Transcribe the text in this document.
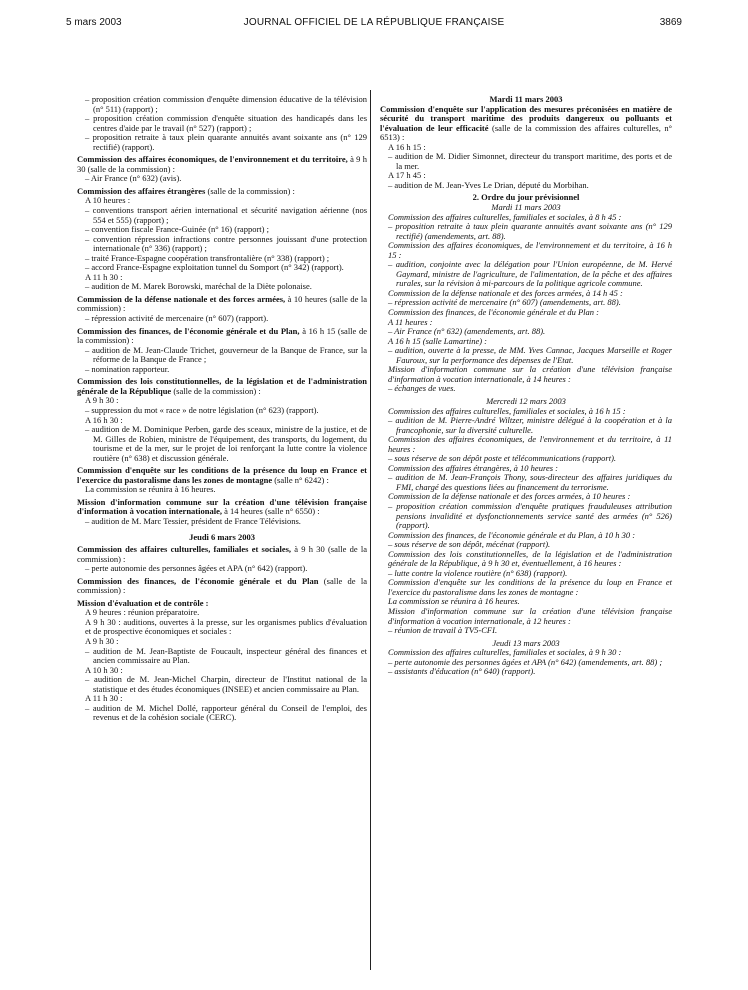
5 mars 2003	JOURNAL OFFICIEL DE LA RÉPUBLIQUE FRANÇAISE	3869

– proposition création commission d'enquête dimension éducative de la télévision (n° 511) (rapport) ;

– proposition création commission d'enquête situation des handicapés dans les centres d'aide par le travail (n° 527) (rapport) ;

– proposition retraite à taux plein quarante annuités avant soixante ans (n° 129 rectifié) (rapport).

Commission des affaires économiques, de l'environnement et du territoire, à 9 h 30 (salle de la commission) :

– Air France (n° 632) (avis).

Commission des affaires étrangères (salle de la commission) :

A 10 heures :

– conventions transport aérien international et sécurité navigation aérienne (nos 554 et 555) (rapport) ;

– convention fiscale France-Guinée (n° 16) (rapport) ;

– convention répression infractions contre personnes jouissant d'une protection internationale (n° 336) (rapport) ;

– traité France-Espagne coopération transfrontalière (n° 338) (rapport) ;

– accord France-Espagne exploitation tunnel du Somport (n° 342) (rapport).

A 11 h 30 :

– audition de M. Marek Borowski, maréchal de la Diète polonaise.

Commission de la défense nationale et des forces armées, à 10 heures (salle de la commission) :

– répression activité de mercenaire (n° 607) (rapport).

Commission des finances, de l'économie générale et du Plan, à 16 h 15 (salle de la commission) :

– audition de M. Jean-Claude Trichet, gouverneur de la Banque de France, sur la réforme de la Banque de France ;

– nomination rapporteur.

Commission des lois constitutionnelles, de la législation et de l'administration générale de la République (salle de la commission) :

A 9 h 30 :

– suppression du mot « race » de notre législation (n° 623) (rapport).

A 16 h 30 :

– audition de M. Dominique Perben, garde des sceaux, ministre de la justice, et de M. Gilles de Robien, ministre de l'équipement, des transports, du logement, du tourisme et de la mer, sur le projet de loi renforçant la lutte contre la violence routière (n° 638) et discussion générale.

Commission d'enquête sur les conditions de la présence du loup en France et l'exercice du pastoralisme dans les zones de montagne (salle n° 6242) :

La commission se réunira à 16 heures.

Mission d'information commune sur la création d'une télévision française d'information à vocation internationale, à 14 heures (salle n° 6550) :

– audition de M. Marc Tessier, président de France Télévisions.

Jeudi 6 mars 2003

Commission des affaires culturelles, familiales et sociales, à 9 h 30 (salle de la commission) :

– perte autonomie des personnes âgées et APA (n° 642) (rapport).

Commission des finances, de l'économie générale et du Plan (salle de la commission) :

Mission d'évaluation et de contrôle :

A 9 heures : réunion préparatoire.

A 9 h 30 : auditions, ouvertes à la presse, sur les organismes publics d'évaluation et de prospective économiques et sociales :

A 9 h 30 :

– audition de M. Jean-Baptiste de Foucault, inspecteur général des finances et ancien commissaire au Plan.

A 10 h 30 :

– audition de M. Jean-Michel Charpin, directeur de l'Institut national de la statistique et des études économiques (INSEE) et ancien commissaire au Plan.

A 11 h 30 :

– audition de M. Michel Dollé, rapporteur général du Conseil de l'emploi, des revenus et de la cohésion sociale (CERC).

Mardi 11 mars 2003

Commission d'enquête sur l'application des mesures préconisées en matière de sécurité du transport maritime des produits dangereux ou polluants et l'évaluation de leur efficacité (salle de la commission des affaires culturelles, n° 6513) :

A 16 h 15 :

– audition de M. Didier Simonnet, directeur du transport maritime, des ports et de la mer.

A 17 h 45 :

– audition de M. Jean-Yves Le Drian, député du Morbihan.

2. Ordre du jour prévisionnel

Mardi 11 mars 2003

Commission des affaires culturelles, familiales et sociales, à 8 h 45 :

– proposition retraite à taux plein quarante annuités avant soixante ans (n° 129 rectifié) (amendements, art. 88).

Commission des affaires économiques, de l'environnement et du territoire, à 16 h 15 :

– audition, conjointe avec la délégation pour l'Union européenne, de M. Hervé Gaymard, ministre de l'agriculture, de l'alimentation, de la pêche et des affaires rurales, sur la révision à mi-parcours de la politique agricole commune.

Commission de la défense nationale et des forces armées, à 14 h 45 :

– répression activité de mercenaire (n° 607) (amendements, art. 88).

Commission des finances, de l'économie générale et du Plan :

A 11 heures :

– Air France (n° 632) (amendements, art. 88).

A 16 h 15 (salle Lamartine) :

– audition, ouverte à la presse, de MM. Yves Cannac, Jacques Marseille et Roger Fauroux, sur la performance des dépenses de l'Etat.

Mission d'information commune sur la création d'une télévision française d'information à vocation internationale, à 14 heures :

– échanges de vues.

Mercredi 12 mars 2003

Commission des affaires culturelles, familiales et sociales, à 16 h 15 :

– audition de M. Pierre-André Wiltzer, ministre délégué à la coopération et à la francophonie, sur la diversité culturelle.

Commission des affaires économiques, de l'environnement et du territoire, à 11 heures :

– sous réserve de son dépôt poste et télécommunications (rapport).

Commission des affaires étrangères, à 10 heures :

– audition de M. Jean-François Thony, sous-directeur des affaires juridiques du FMI, chargé des questions liées au financement du terrorisme.

Commission de la défense nationale et des forces armées, à 10 heures :

– proposition création commission d'enquête pratiques frauduleuses attribution pensions invalidité et dysfonctionnements service santé des armées (n° 526) (rapport).

Commission des finances, de l'économie générale et du Plan, à 10 h 30 :

– sous réserve de son dépôt, mécénat (rapport).

Commission des lois constitutionnelles, de la législation et de l'administration générale de la République, à 9 h 30 et, éventuellement, à 16 heures :

– lutte contre la violence routière (n° 638) (rapport).

Commission d'enquête sur les conditions de la présence du loup en France et l'exercice du pastoralisme dans les zones de montagne :

La commission se réunira à 16 heures.

Mission d'information commune sur la création d'une télévision française d'information à vocation internationale, à 12 heures :

– réunion de travail à TV5-CFI.

Jeudi 13 mars 2003

Commission des affaires culturelles, familiales et sociales, à 9 h 30 :

– perte autonomie des personnes âgées et APA (n° 642) (amendements, art. 88) ;

– assistants d'éducation (n° 640) (rapport).
